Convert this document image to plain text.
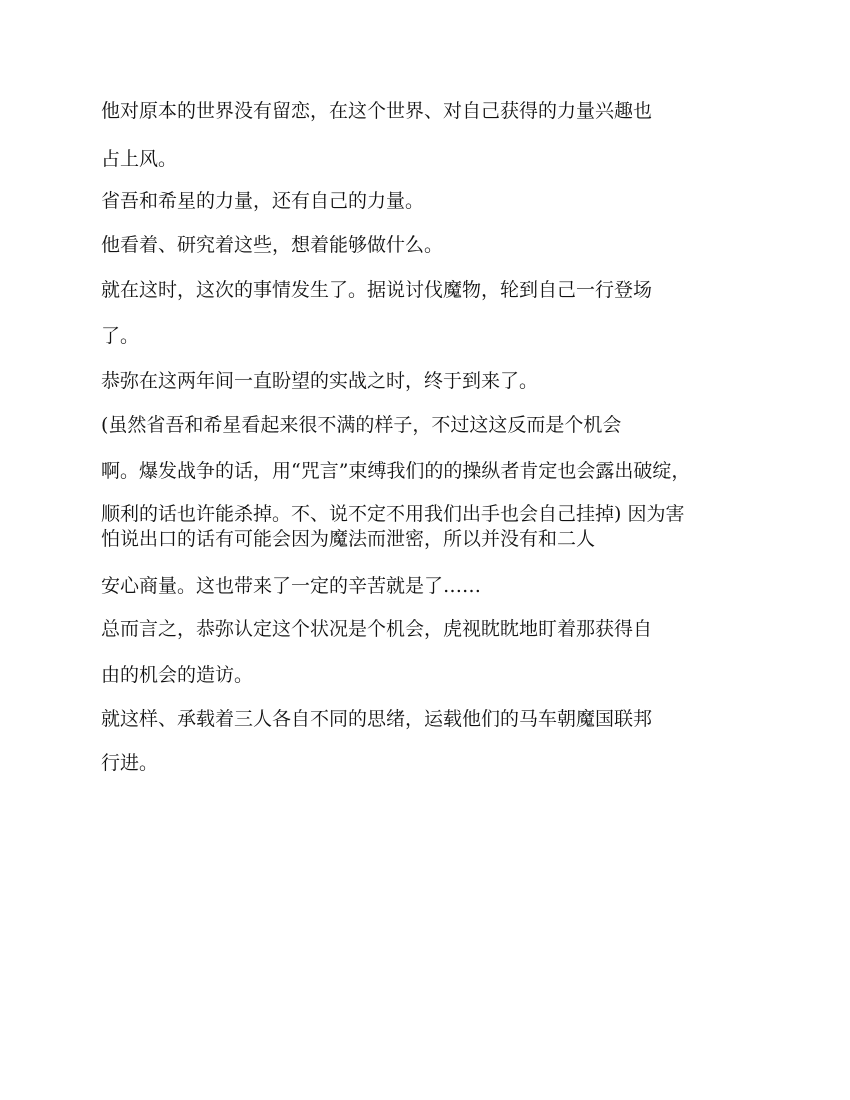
他对原本的世界没有留恋，在这个世界、对自己获得的力量兴趣也

占上风。

省吾和希星的力量，还有自己的力量。

他看着、研究着这些，想着能够做什么。

就在这时，这次的事情发生了。据说讨伐魔物，轮到自己一行登场

了。

恭弥在这两年间一直盼望的实战之时，终于到来了。

(虽然省吾和希星看起来很不满的样子，不过这这反而是个机会

啊。爆发战争的话，用“咒言”束缚我们的的操纵者肯定也会露出破绽，

顺利的话也许能杀掉。不、说不定不用我们出手也会自己挂掉) 因为害

怕说出口的话有可能会因为魔法而泄密，所以并没有和二人

安心商量。这也带来了一定的辛苦就是了……

总而言之，恭弥认定这个状况是个机会，虎视眈眈地盯着那获得自

由的机会的造访。

就这样、承载着三人各自不同的思绪，运载他们的马车朝魔国联邦

行进。
